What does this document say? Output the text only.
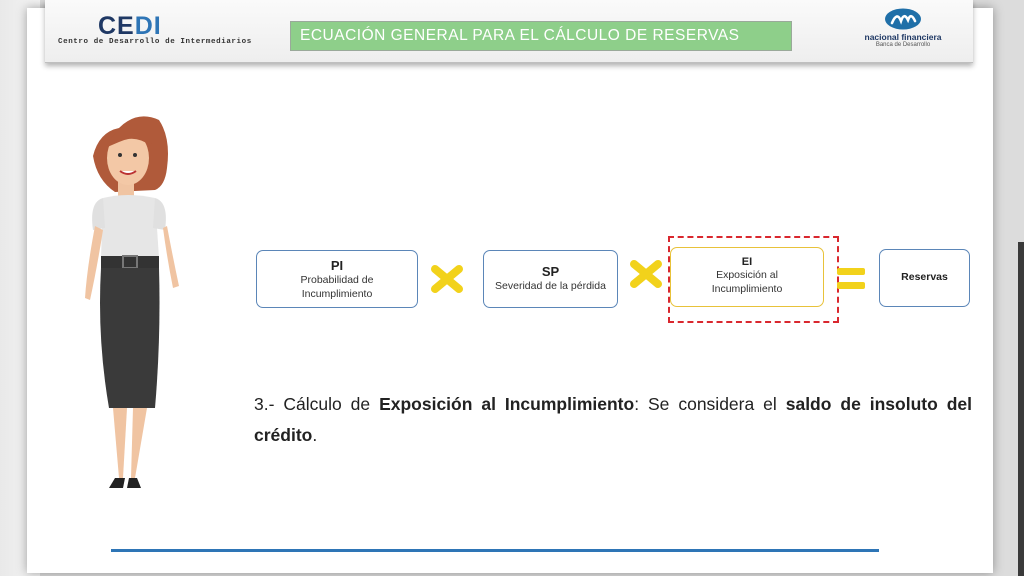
CEDI
Centro de Desarrollo de Intermediarios	ECUACIÓN GENERAL PARA EL CÁLCULO DE RESERVAS	nacional financiera
Banca de Desarrollo
PI
Probabilidad de
Incumplimiento
SP
Severidad de la pérdida
EI
Exposición al
Incumplimiento
Reservas
3.- Cálculo de Exposición al Incumplimiento: Se considera el saldo de insoluto del crédito.
